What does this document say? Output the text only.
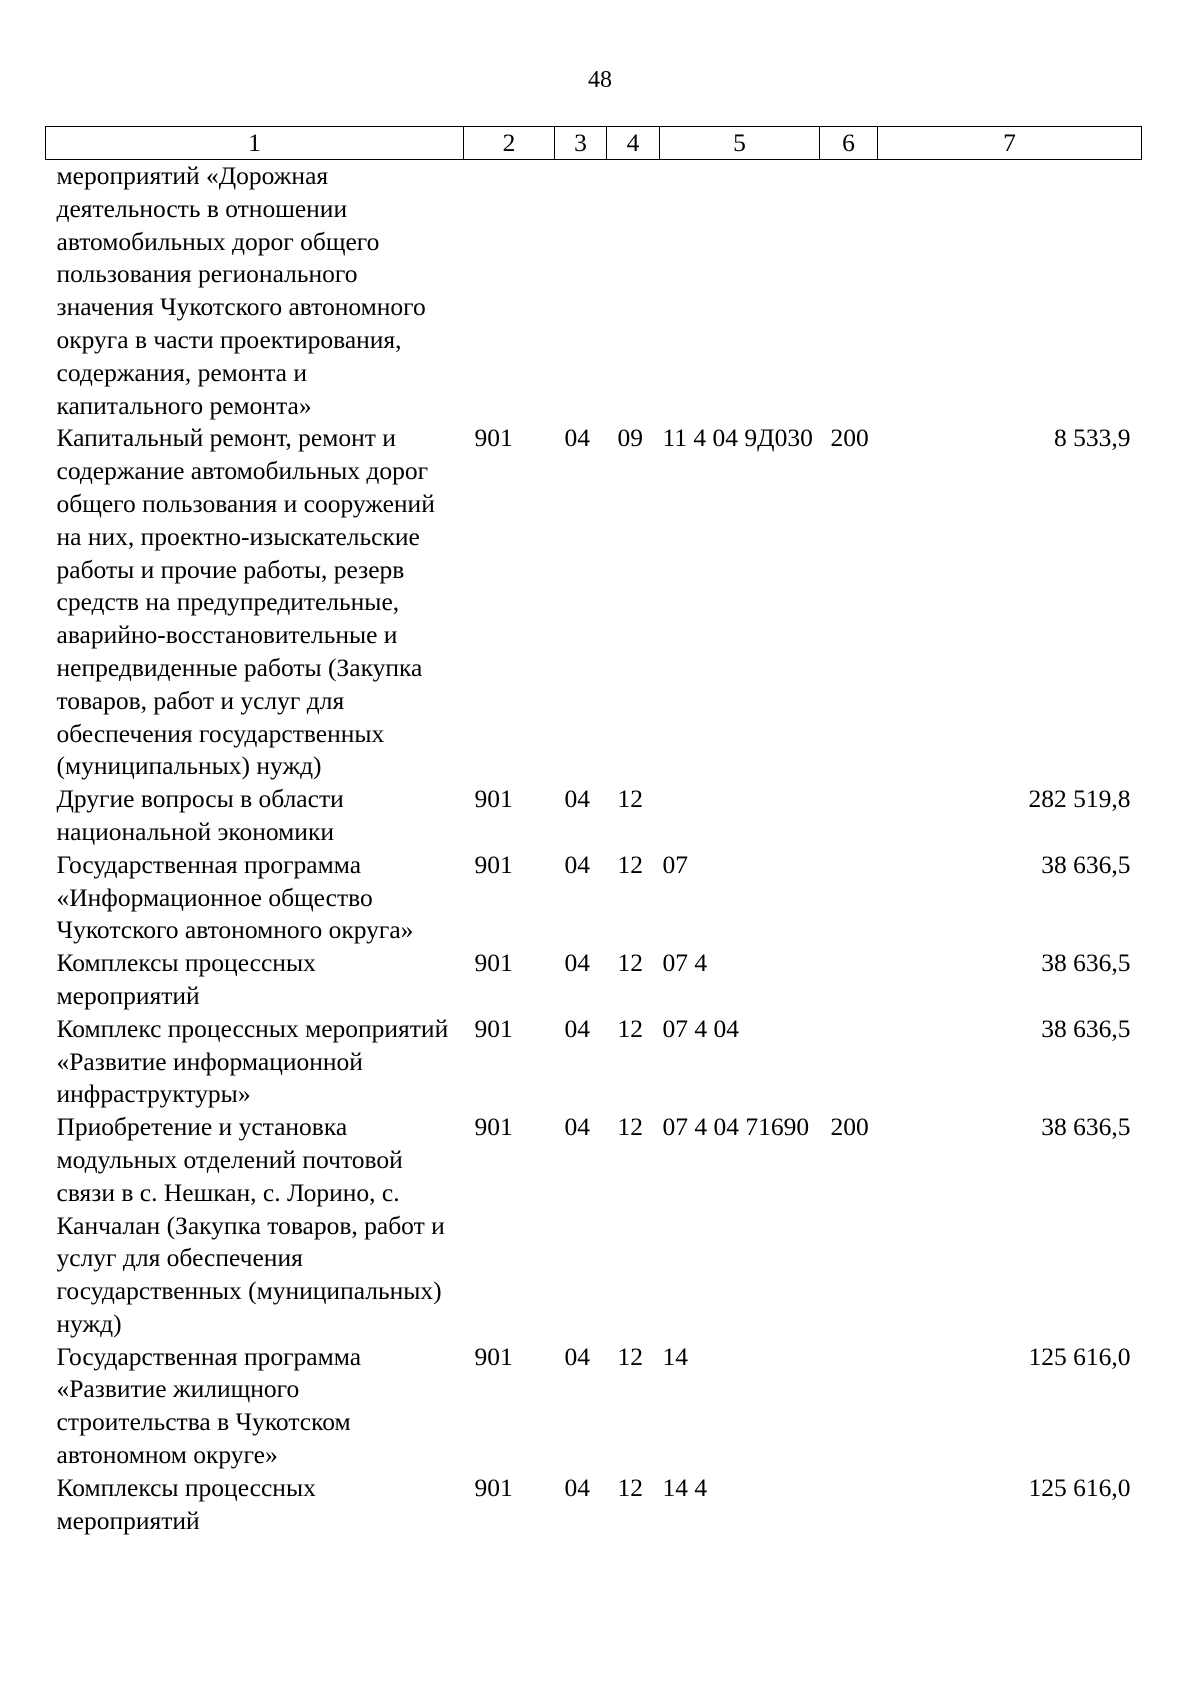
48
1	2	3	4	5	6	7
мероприятий «Дорожная деятельность в отношении автомобильных дорог общего пользования регионального значения Чукотского автономного округа в части проектирования, содержания, ремонта и капитального ремонта»						
Капитальный ремонт, ремонт и содержание автомобильных дорог общего пользования и сооружений на них, проектно-изыскательские работы и прочие работы, резерв средств на предупредительные, аварийно-восстановительные и непредвиденные работы (Закупка товаров, работ и услуг для обеспечения государственных (муниципальных) нужд)	901	04	09	11 4 04 9Д030	200	8 533,9
Другие вопросы в области национальной экономики	901	04	12			282 519,8
Государственная программа «Информационное общество Чукотского автономного округа»	901	04	12	07		38 636,5
Комплексы процессных мероприятий	901	04	12	07 4		38 636,5
Комплекс процессных мероприятий «Развитие информационной инфраструктуры»	901	04	12	07 4 04		38 636,5
Приобретение и установка модульных отделений почтовой связи в с. Нешкан, с. Лорино, с. Канчалан (Закупка товаров, работ и услуг для обеспечения государственных (муниципальных) нужд)	901	04	12	07 4 04 71690	200	38 636,5
Государственная программа «Развитие жилищного строительства в Чукотском автономном округе»	901	04	12	14		125 616,0
Комплексы процессных мероприятий	901	04	12	14 4		125 616,0
